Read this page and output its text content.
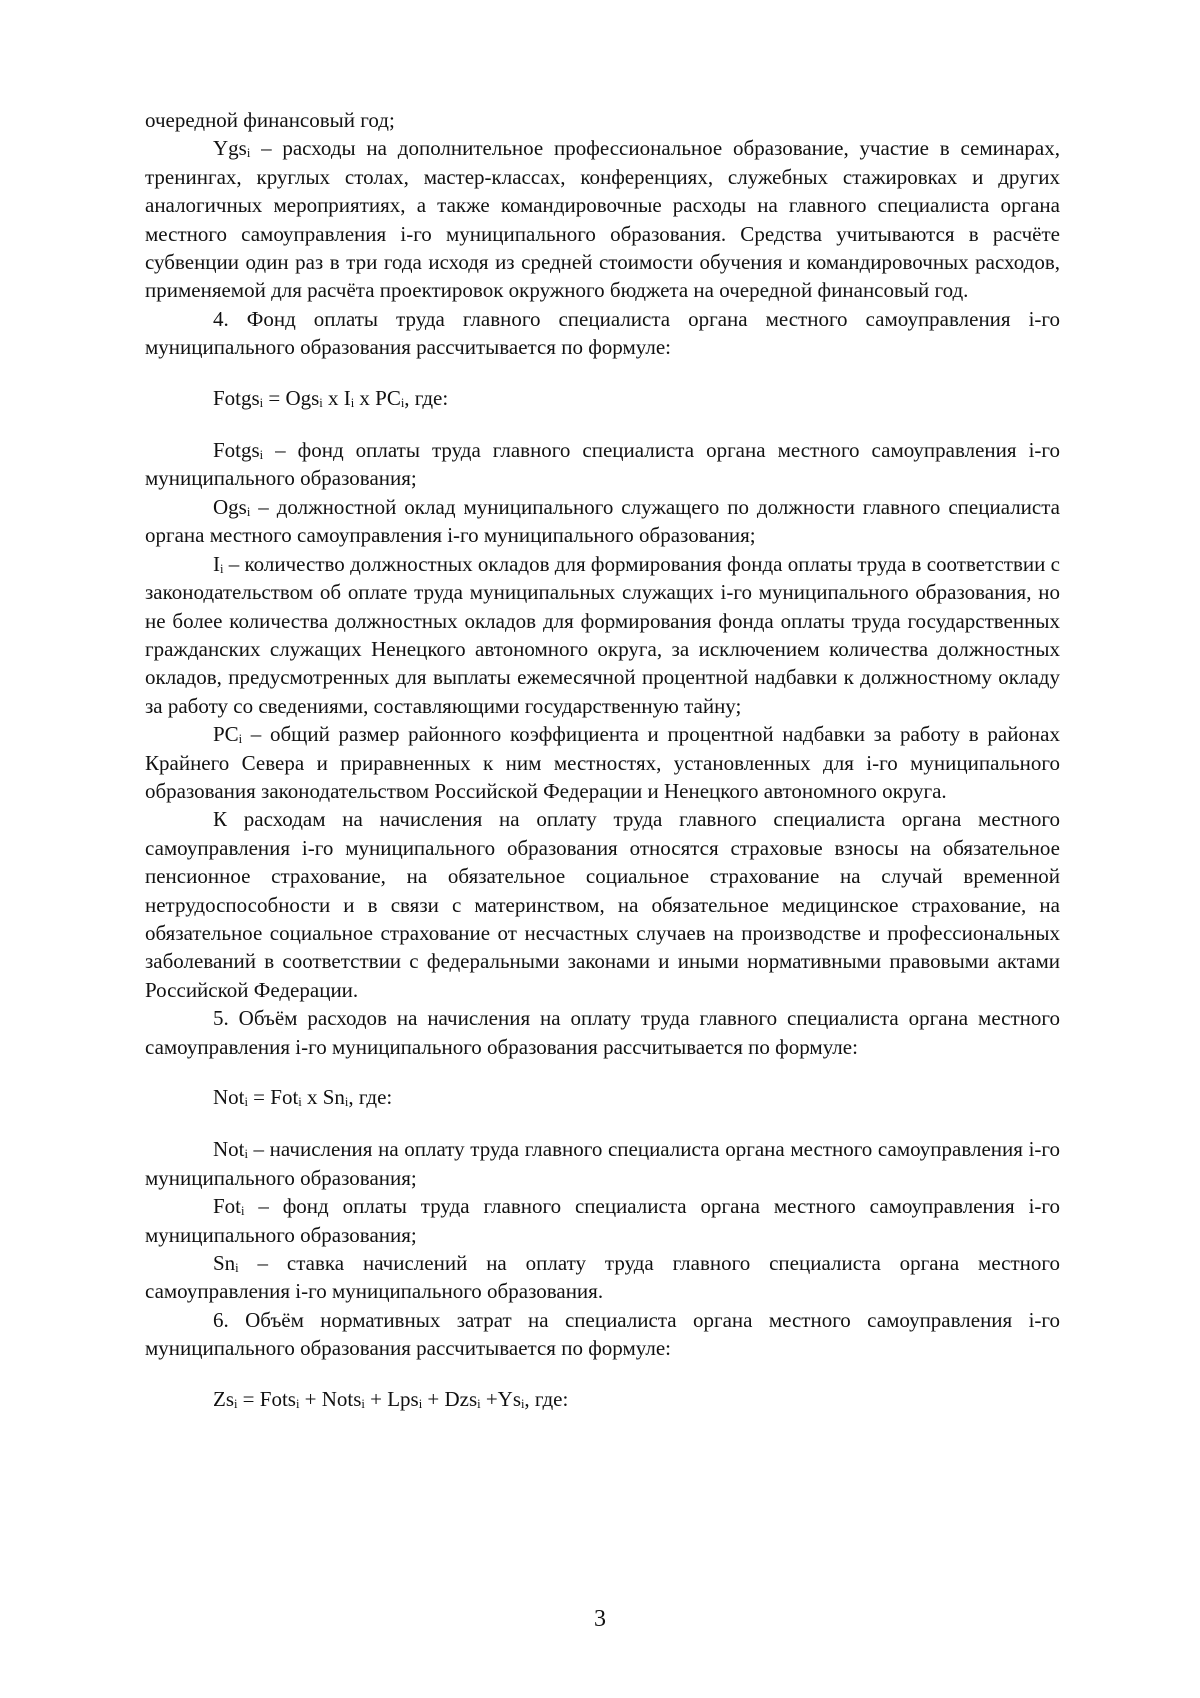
очередной финансовый год;

Ygsᵢ – расходы на дополнительное профессиональное образование, участие в семинарах, тренингах, круглых столах, мастер-классах, конференциях, служебных стажировках и других аналогичных мероприятиях, а также командировочные расходы на главного специалиста органа местного самоуправления i-го муниципального образования. Средства учитываются в расчёте субвенции один раз в три года исходя из средней стоимости обучения и командировочных расходов, применяемой для расчёта проектировок окружного бюджета на очередной финансовый год.

4. Фонд оплаты труда главного специалиста органа местного самоуправления i-го муниципального образования рассчитывается по формуле:

Fotgsᵢ = Ogsᵢ x Iᵢ x PCᵢ, где:

Fotgsᵢ – фонд оплаты труда главного специалиста органа местного самоуправления i-го муниципального образования;

Ogsᵢ – должностной оклад муниципального служащего по должности главного специалиста органа местного самоуправления i-го муниципального образования;

Iᵢ – количество должностных окладов для формирования фонда оплаты труда в соответствии с законодательством об оплате труда муниципальных служащих i-го муниципального образования, но не более количества должностных окладов для формирования фонда оплаты труда государственных гражданских служащих Ненецкого автономного округа, за исключением количества должностных окладов, предусмотренных для выплаты ежемесячной процентной надбавки к должностному окладу за работу со сведениями, составляющими государственную тайну;

PCᵢ – общий размер районного коэффициента и процентной надбавки за работу в районах Крайнего Севера и приравненных к ним местностях, установленных для i-го муниципального образования законодательством Российской Федерации и Ненецкого автономного округа.

К расходам на начисления на оплату труда главного специалиста органа местного самоуправления i-го муниципального образования относятся страховые взносы на обязательное пенсионное страхование, на обязательное социальное страхование на случай временной нетрудоспособности и в связи с материнством, на обязательное медицинское страхование, на обязательное социальное страхование от несчастных случаев на производстве и профессиональных заболеваний в соответствии с федеральными законами и иными нормативными правовыми актами Российской Федерации.

5. Объём расходов на начисления на оплату труда главного специалиста органа местного самоуправления i-го муниципального образования рассчитывается по формуле:

Notᵢ = Fotᵢ x Snᵢ, где:

Notᵢ – начисления на оплату труда главного специалиста органа местного самоуправления i-го муниципального образования;

Fotᵢ – фонд оплаты труда главного специалиста органа местного самоуправления i-го муниципального образования;

Snᵢ – ставка начислений на оплату труда главного специалиста органа местного самоуправления i-го муниципального образования.

6. Объём нормативных затрат на специалиста органа местного самоуправления i-го муниципального образования рассчитывается по формуле:

Zsᵢ = Fotsᵢ + Notsᵢ + Lpsᵢ + Dzsᵢ +Ysᵢ, где:

3
